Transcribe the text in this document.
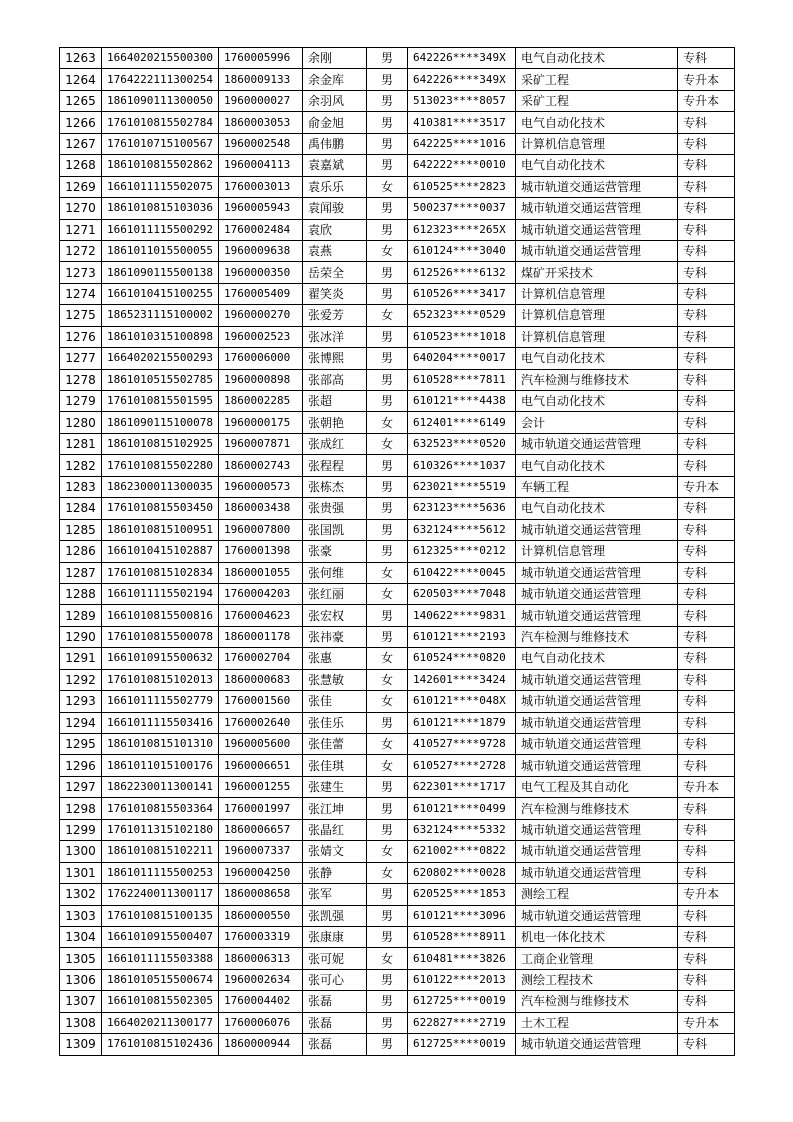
1263	1664020215500300	1760005996	余刚	男	642226****349X	电气自动化技术	专科
1264	1764222111300254	1860009133	余金库	男	642226****349X	采矿工程	专升本
1265	1861090111300050	1960000027	余羽风	男	513023****8057	采矿工程	专升本
1266	1761010815502784	1860003053	俞金旭	男	410381****3517	电气自动化技术	专科
1267	1761010715100567	1960002548	禹伟鹏	男	642225****1016	计算机信息管理	专科
1268	1861010815502862	1960004113	袁嘉斌	男	642222****0010	电气自动化技术	专科
1269	1661011115502075	1760003013	袁乐乐	女	610525****2823	城市轨道交通运营管理	专科
1270	1861010815103036	1960005943	袁闻骏	男	500237****0037	城市轨道交通运营管理	专科
1271	1661011115500292	1760002484	袁欣	男	612323****265X	城市轨道交通运营管理	专科
1272	1861011015500055	1960009638	袁燕	女	610124****3040	城市轨道交通运营管理	专科
1273	1861090115500138	1960000350	岳荣全	男	612526****6132	煤矿开采技术	专科
1274	1661010415100255	1760005409	翟笑炎	男	610526****3417	计算机信息管理	专科
1275	1865231115100002	1960000270	张爱芳	女	652323****0529	计算机信息管理	专科
1276	1861010315100898	1960002523	张冰洋	男	610523****1018	计算机信息管理	专科
1277	1664020215500293	1760006000	张博熙	男	640204****0017	电气自动化技术	专科
1278	1861010515502785	1960000898	张部高	男	610528****7811	汽车检测与维修技术	专科
1279	1761010815501595	1860002285	张超	男	610121****4438	电气自动化技术	专科
1280	1861090115100078	1960000175	张朝艳	女	612401****6149	会计	专科
1281	1861010815102925	1960007871	张成红	女	632523****0520	城市轨道交通运营管理	专科
1282	1761010815502280	1860002743	张程程	男	610326****1037	电气自动化技术	专科
1283	1862300011300035	1960000573	张栋杰	男	623021****5519	车辆工程	专升本
1284	1761010815503450	1860003438	张贵强	男	623123****5636	电气自动化技术	专科
1285	1861010815100951	1960007800	张国凯	男	632124****5612	城市轨道交通运营管理	专科
1286	1661010415102887	1760001398	张豪	男	612325****0212	计算机信息管理	专科
1287	1761010815102834	1860001055	张何维	女	610422****0045	城市轨道交通运营管理	专科
1288	1661011115502194	1760004203	张红丽	女	620503****7048	城市轨道交通运营管理	专科
1289	1661010815500816	1760004623	张宏权	男	140622****9831	城市轨道交通运营管理	专科
1290	1761010815500078	1860001178	张祎豪	男	610121****2193	汽车检测与维修技术	专科
1291	1661010915500632	1760002704	张惠	女	610524****0820	电气自动化技术	专科
1292	1761010815102013	1860000683	张慧敏	女	142601****3424	城市轨道交通运营管理	专科
1293	1661011115502779	1760001560	张佳	女	610121****048X	城市轨道交通运营管理	专科
1294	1661011115503416	1760002640	张佳乐	男	610121****1879	城市轨道交通运营管理	专科
1295	1861010815101310	1960005600	张佳蕾	女	410527****9728	城市轨道交通运营管理	专科
1296	1861011015100176	1960006651	张佳琪	女	610527****2728	城市轨道交通运营管理	专科
1297	1862230011300141	1960001255	张建生	男	622301****1717	电气工程及其自动化	专升本
1298	1761010815503364	1760001997	张江坤	男	610121****0499	汽车检测与维修技术	专科
1299	1761011315102180	1860006657	张晶红	男	632124****5332	城市轨道交通运营管理	专科
1300	1861010815102211	1960007337	张婧文	女	621002****0822	城市轨道交通运营管理	专科
1301	1861011115500253	1960004250	张静	女	620802****0028	城市轨道交通运营管理	专科
1302	1762240011300117	1860008658	张军	男	620525****1853	测绘工程	专升本
1303	1761010815100135	1860000550	张凯强	男	610121****3096	城市轨道交通运营管理	专科
1304	1661010915500407	1760003319	张康康	男	610528****8911	机电一体化技术	专科
1305	1661011115503388	1860006313	张可妮	女	610481****3826	工商企业管理	专科
1306	1861010515500674	1960002634	张可心	男	610122****2013	测绘工程技术	专科
1307	1661010815502305	1760004402	张磊	男	612725****0019	汽车检测与维修技术	专科
1308	1664020211300177	1760006076	张磊	男	622827****2719	土木工程	专升本
1309	1761010815102436	1860000944	张磊	男	612725****0019	城市轨道交通运营管理	专科
